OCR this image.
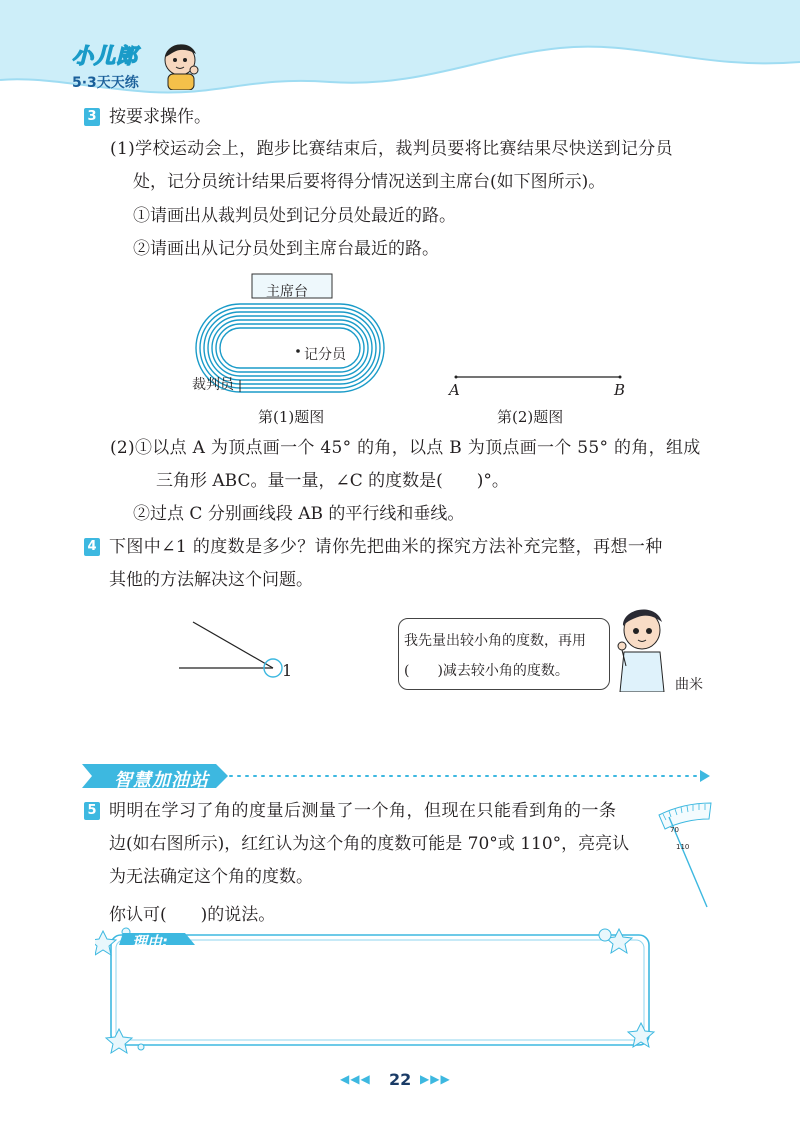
小儿郎
5·3天天练
3 按要求操作。
(1)学校运动会上，跑步比赛结束后，裁判员要将比赛结果尽快送到记分员
处，记分员统计结果后要将得分情况送到主席台(如下图所示)。
①请画出从裁判员处到记分员处最近的路。
②请画出从记分员处到主席台最近的路。
主席台
记分员
裁判员
第(1)题图
A	B
第(2)题图
(2)①以点 A 为顶点画一个 45° 的角，以点 B 为顶点画一个 55° 的角，组成
三角形 ABC。量一量，∠C 的度数是(　　)°。
②过点 C 分别画线段 AB 的平行线和垂线。
4 下图中∠1 的度数是多少？请你先把曲米的探究方法补充完整，再想一种
其他的方法解决这个问题。
1
我先量出较小角的度数，再用
(　　)减去较小角的度数。
曲米
智慧加油站
5 明明在学习了角的度量后测量了一个角，但现在只能看到角的一条
边(如右图所示)，红红认为这个角的度数可能是 70°或 110°，亮亮认
为无法确定这个角的度数。
你认可(　　)的说法。
70
110
理由:
◀◀◀ 22 ▶▶▶
